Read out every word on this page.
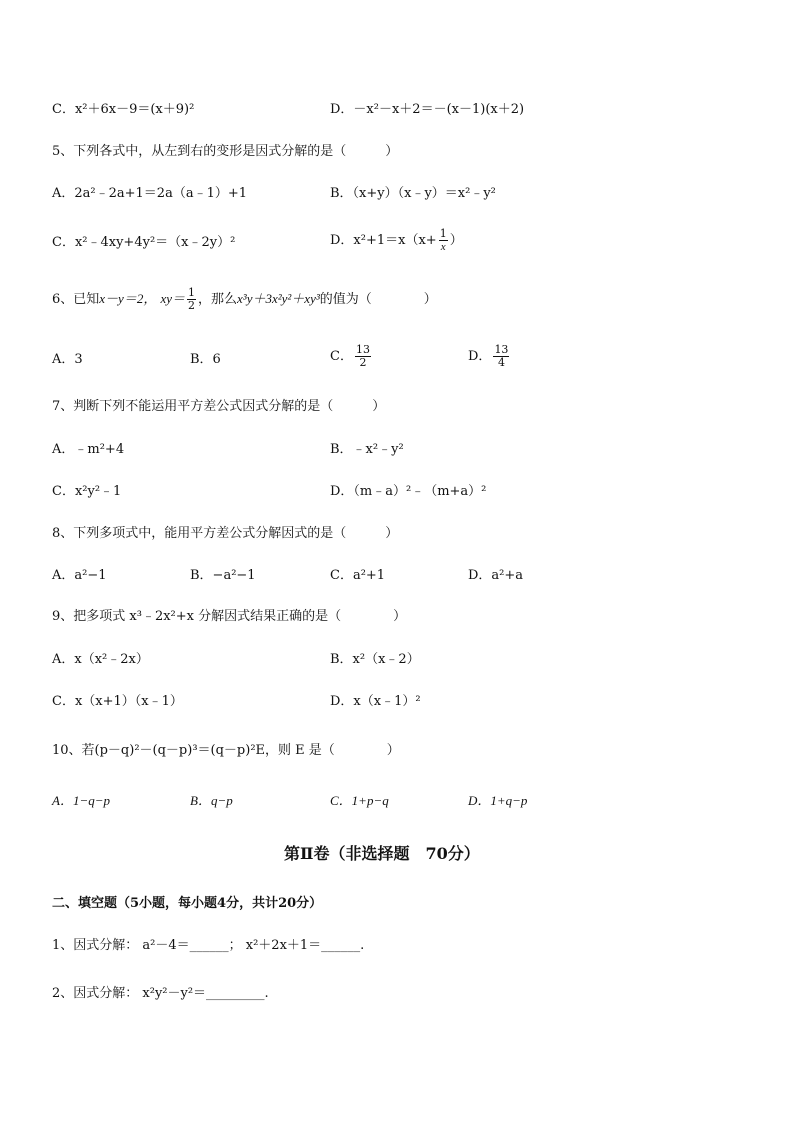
C．x²＋6x－9＝(x＋9)²	D．－x²－x＋2＝－(x－1)(x＋2)
5、下列各式中，从左到右的变形是因式分解的是（　　　）
A．2a²﹣2a+1＝2a（a﹣1）+1	B．（x+y）（x﹣y）＝x²﹣y²
C．x²﹣4xy+4y²＝（x﹣2y）²	D．$x^2+1=x(x+ \frac{1}{x}$ ）
6、已知x－y＝2， $xy= \frac{1}{2}$ ，那么x³y＋3x²y²＋xy³的值为（　　　　）
A．3	B．6	C． $\frac{13}{2}$	D． $\frac{13}{4}$
7、判断下列不能运用平方差公式因式分解的是（　　　）
A．﹣m²+4	B．﹣x²﹣y²
C．x²y²﹣1	D．（m﹣a）²﹣（m+a）²
8、下列多项式中，能用平方差公式分解因式的是（　　　）
A．a²−1	B．−a²−1	C．a²+1	D．a²+a
9、把多项式 x³﹣2x²+x 分解因式结果正确的是（　　　　）
A．x（x²﹣2x）	B．x²（x﹣2）
C．x（x+1）（x﹣1）	D．x（x﹣1）²
10、若(p－q)²－(q－p)³＝(q－p)²E，则 E 是（　　　　）
A．1−q−p	B．q−p	C．1+p−q	D．1+q−p
第Ⅱ卷（非选择题　70分）
二、填空题（5小题，每小题4分，共计20分）
1、因式分解： a²－4＝______； x²＋2x＋1＝______.
2、因式分解： x²y²－y²＝_________.
